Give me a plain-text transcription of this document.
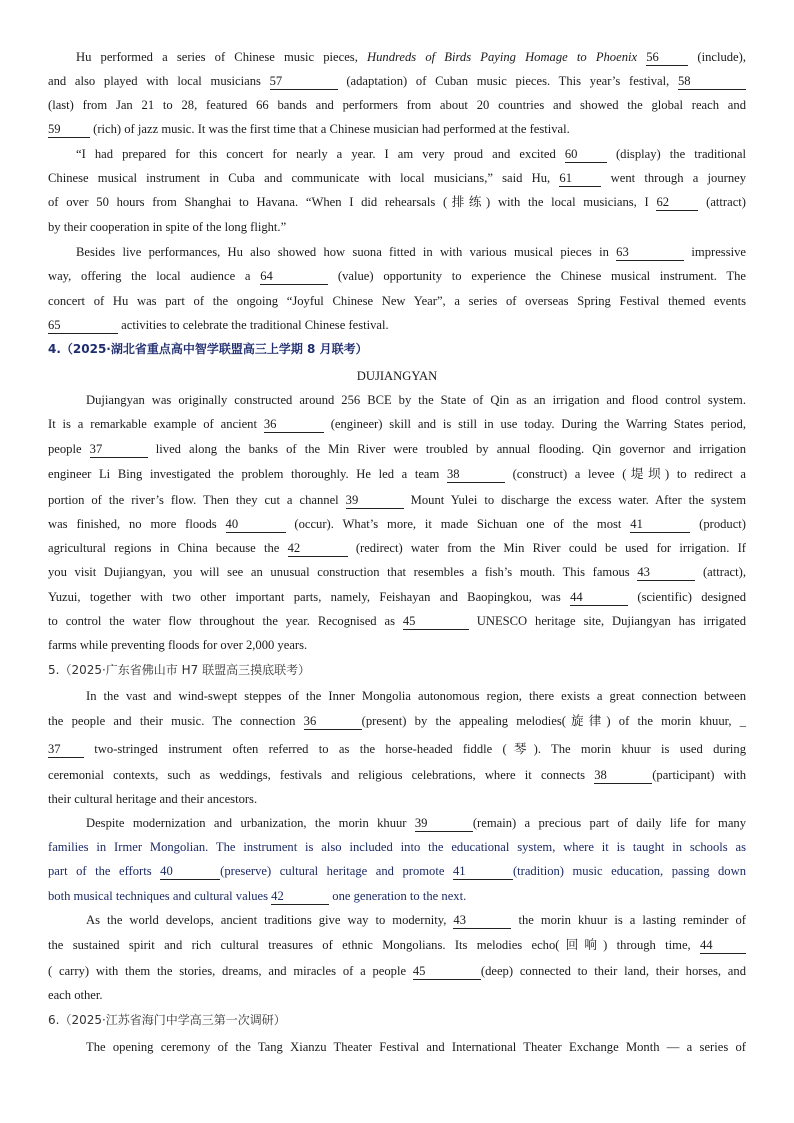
Hu performed a series of Chinese music pieces, Hundreds of Birds Paying Homage to Phoenix 56 (include),
and also played with local musicians 57	(adaptation) of Cuban music pieces. This year’s festival, 58
(last) from Jan 21 to 28, featured 66 bands and performers from about 20 countries and showed the global reach and
59 (rich) of jazz music. It was the first time that a Chinese musician had performed at the festival.
“I had prepared for this concert for nearly a year. I am very proud and excited 60 (display) the traditional
Chinese musical instrument in Cuba and communicate with local musicians,” said Hu, 61 went through a journey
of over 50 hours from Shanghai to Havana. “When I did rehearsals (排练) with the local musicians, I 62 (attract)
by their cooperation in spite of the long flight.”
Besides live performances, Hu also showed how suona fitted in with various musical pieces in 63	impressive
way, offering the local audience a 64	(value) opportunity to experience the Chinese musical instrument. The
concert of Hu was part of the ongoing “Joyful Chinese New Year”, a series of overseas Spring Festival themed events
65	activities to celebrate the traditional Chinese festival.
4.（2025·湖北省重点高中智学联盟高三上学期 8 月联考）
DUJIANGYAN
Dujiangyan was originally constructed around 256 BCE by the State of Qin as an irrigation and flood control system.
It is a remarkable example of ancient 36	(engineer) skill and is still in use today. During the Warring States period,
people 37	lived along the banks of the Min River were troubled by annual flooding. Qin governor and irrigation
engineer Li Bing investigated the problem thoroughly. He led a team 38	(construct) a levee (堤坝) to redirect a
portion of the river’s flow. Then they cut a channel 39	Mount Yulei to discharge the excess water. After the system
was finished, no more floods 40	(occur). What’s more, it made Sichuan one of the most 41	(product)
agricultural regions in China because the 42	(redirect) water from the Min River could be used for irrigation. If
you visit Dujiangyan, you will see an unusual construction that resembles a fish’s mouth. This famous 43	(attract),
Yuzui, together with two other important parts, namely, Feishayan and Baopingkou, was 44	(scientific) designed
to control the water flow throughout the year. Recognised as 45	UNESCO heritage site, Dujiangyan has irrigated
farms while preventing floods for over 2,000 years.
5.（2025·广东省佛山市 H7 联盟高三摸底联考）
In the vast and wind-swept steppes of the Inner Mongolia autonomous region, there exists a great connection between
the people and their music. The connection 36	(present) by the appealing melodies(旋律) of the morin khuur, _
37 two-stringed instrument often referred to as the horse-headed fiddle (琴). The morin khuur is used during
ceremonial contexts, such as weddings, festivals and religious celebrations, where it connects 38	(participant) with
their cultural heritage and their ancestors.
Despite modernization and urbanization, the morin khuur 39	(remain) a precious part of daily life for many
families in Irmer Mongolian. The instrument is also included into the educational system, where it is taught in schools as
part of the efforts 40	(preserve) cultural heritage and promote 41	(tradition) music education, passing down
both musical techniques and cultural values 42	one generation to the next.
As the world develops, ancient traditions give way to modernity, 43	the morin khuur is a lasting reminder of
the sustained spirit and rich cultural treasures of ethnic Mongolians. Its melodies echo(回响) through time, 44
( carry) with them the stories, dreams, and miracles of a people 45	(deep) connected to their land, their horses, and
each other.
6.（2025·江苏省海门中学高三第一次调研）
The opening ceremony of the Tang Xianzu Theater Festival and International Theater Exchange Month — a series of
